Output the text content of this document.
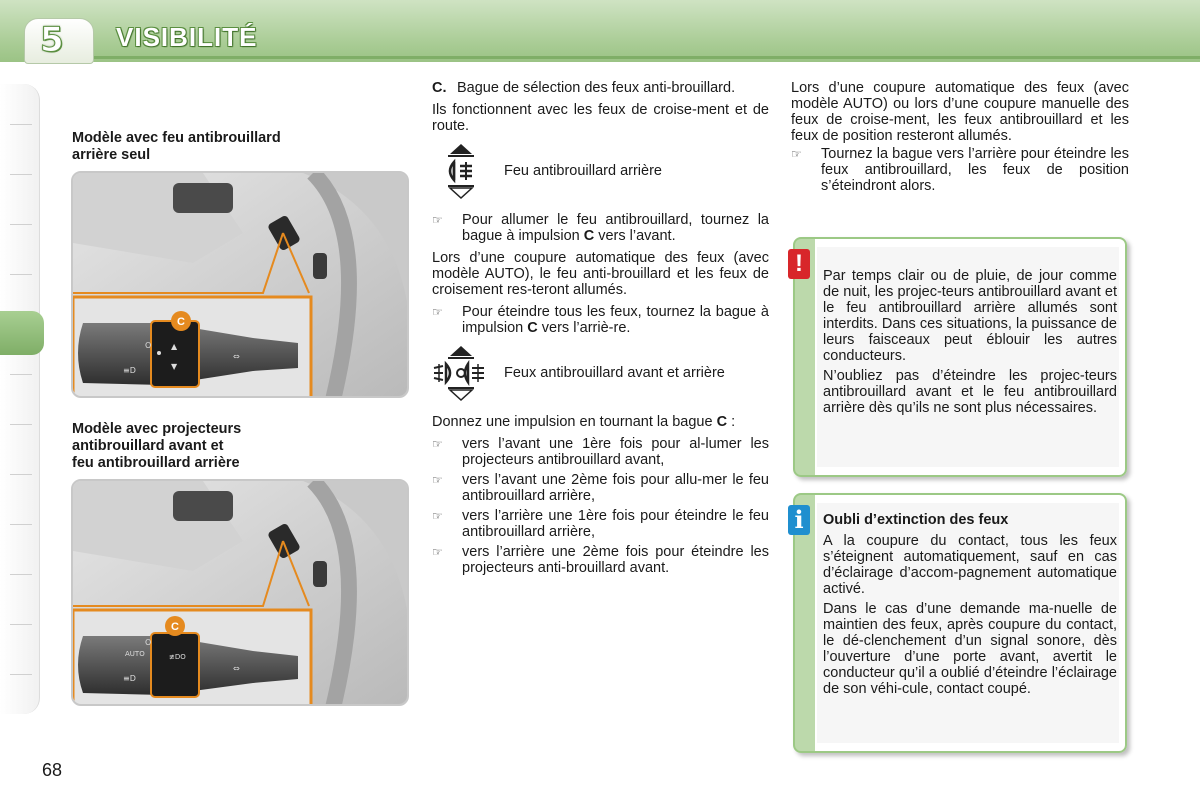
5 VISIBILITÉ
Modèle avec feu antibrouillard
arrière seul
O
≡D
▲
▼
⇔
C
Modèle avec projecteurs
antibrouillard avant et
feu antibrouillard arrière
O
AUTO
≡D
≢DO
⇔
C
C. Bague de sélection des feux anti-brouillard.
Ils fonctionnent avec les feux de croise-ment et de route.
Feu antibrouillard arrière
☞ Pour allumer le feu antibrouillard, tournez la bague à impulsion C vers l’avant.
Lors d’une coupure automatique des feux (avec modèle AUTO), le feu anti-brouillard et les feux de croisement res-teront allumés.
☞ Pour éteindre tous les feux, tournez la bague à impulsion C vers l’arriè-re.
Feux antibrouillard avant et arrière
Donnez une impulsion en tournant la bague C :
☞ vers l’avant une 1ère fois pour al-lumer les projecteurs antibrouillard avant,
☞ vers l’avant une 2ème fois pour allu-mer le feu antibrouillard arrière,
☞ vers l’arrière une 1ère fois pour éteindre le feu antibrouillard arrière,
☞ vers l’arrière une 2ème fois pour éteindre les projecteurs anti-brouillard avant.
Lors d’une coupure automatique des feux (avec modèle AUTO) ou lors d’une coupure manuelle des feux de croise-ment, les feux antibrouillard et les feux de position resteront allumés.
☞ Tournez la bague vers l’arrière pour éteindre les feux antibrouillard, les feux de position s’éteindront alors.
Par temps clair ou de pluie, de jour comme de nuit, les projec-teurs antibrouillard avant et le feu antibrouillard arrière allumés sont interdits. Dans ces situations, la puissance de leurs faisceaux peut éblouir les autres conducteurs.
N’oubliez pas d’éteindre les projec-teurs antibrouillard avant et le feu antibrouillard arrière dès qu’ils ne sont plus nécessaires.
!
Oubli d’extinction des feux
A la coupure du contact, tous les feux s’éteignent automatiquement, sauf en cas d’éclairage d’accom-pagnement automatique activé.
Dans le cas d’une demande ma-nuelle de maintien des feux, après coupure du contact, le dé-clenchement d’un signal sonore, dès l’ouverture d’une porte avant, avertit le conducteur qu’il a oublié d’éteindre l’éclairage de son véhi-cule, contact coupé.
i
68
